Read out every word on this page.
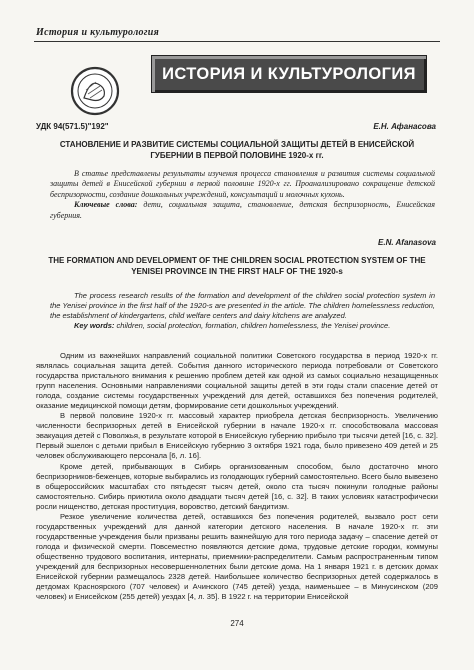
История и культурология
ИСТОРИЯ И КУЛЬТУРОЛОГИЯ
УДК 94(571.5)"192"	Е.Н. Афанасова
СТАНОВЛЕНИЕ И РАЗВИТИЕ СИСТЕМЫ СОЦИАЛЬНОЙ ЗАЩИТЫ ДЕТЕЙ В ЕНИСЕЙСКОЙ ГУБЕРНИИ В ПЕРВОЙ ПОЛОВИНЕ 1920-х гг.
В статье представлены результаты изучения процесса становления и развития системы социальной защиты детей в Енисейской губернии в первой половине 1920-х гг. Проанализировано сокращение детской беспризорности, создание дошкольных учреждений, консультаций и молочных кухонь.
Ключевые слова: дети, социальная защита, становление, детская беспризорность, Енисейская губерния.
E.N. Afanasova
THE FORMATION AND DEVELOPMENT OF THE CHILDREN SOCIAL PROTECTION SYSTEM OF THE YENISEI PROVINCE IN THE FIRST HALF OF THE 1920-s
The process research results of the formation and development of the children social protection system in the Yenisei province in the first half of the 1920-s are presented in the article. The children homelessness reduction, the establishment of kindergartens, child welfare centers and dairy kitchens are analyzed.
Key words: children, social protection, formation, children homelessness, the Yenisei province.

Одним из важнейших направлений социальной политики Советского государства в период 1920-х гг. являлась социальная защита детей. События данного исторического периода потребовали от Советского государства пристального внимания к решению проблем детей как одной из самых социально незащищенных групп населения. Основными направлениями социальной защиты детей в эти годы стали спасение детей от голода, создание системы государственных учреждений для детей, оставшихся без попечения родителей, оказание медицинской помощи детям, формирование сети дошкольных учреждений.

В первой половине 1920-х гг. массовый характер приобрела детская беспризорность. Увеличению численности беспризорных детей в Енисейской губернии в начале 1920-х гг. способствовала массовая эвакуация детей с Поволжья, в результате которой в Енисейскую губернию прибыло три тысячи детей [16, с. 32]. Первый эшелон с детьми прибыл в Енисейскую губернию 3 октября 1921 года, было привезено 409 детей и 25 человек обслуживающего персонала [6, л. 16].

Кроме детей, прибывающих в Сибирь организованным способом, было достаточно много беспризорников-беженцев, которые выбирались из голодающих губерний самостоятельно. Всего было вывезено в общероссийских масштабах сто пятьдесят тысяч детей, около ста тысяч покинули голодные районы самостоятельно. Сибирь приютила около двадцати тысяч детей [16, с. 32]. В таких условиях катастрофически росли нищенство, детская проституция, воровство, детский бандитизм.

Резкое увеличение количества детей, оставшихся без попечения родителей, вызвало рост сети государственных учреждений для данной категории детского населения. В начале 1920-х гг. эти государственные учреждения были призваны решить важнейшую для того периода задачу – спасение детей от голода и физической смерти. Повсеместно появляются детские дома, трудовые детские городки, коммуны общественно трудового воспитания, интернаты, приемники-распределители. Самым распространенным типом учреждений для беспризорных несовершеннолетних были детские дома. На 1 января 1921 г. в детских домах Енисейской губернии размещалось 2328 детей. Наибольшее количество беспризорных детей содержалось в детдомах Красноярского (707 человек) и Ачинского (745 детей) уезда, наименьшее – в Минусинском (209 человек) и Енисейском (255 детей) уездах [4, л. 35]. В 1922 г. на территории Енисейской

274
